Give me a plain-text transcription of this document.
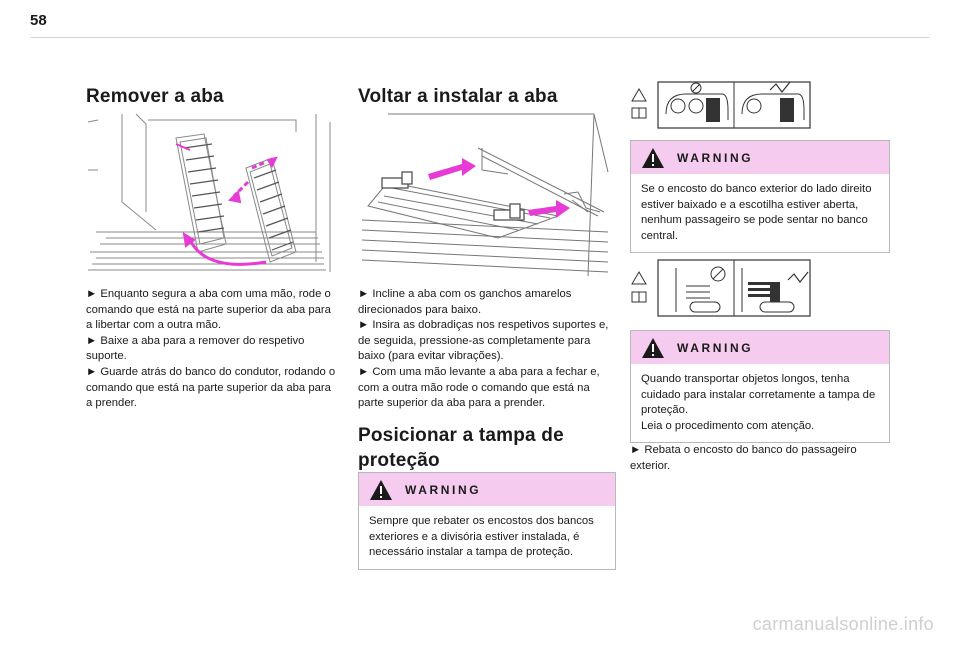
58
Remover a aba

► Enquanto segura a aba com uma mão, rode o comando que está na parte superior da aba para a libertar com a outra mão.

► Baixe a aba para a remover do respetivo suporte.

► Guarde atrás do banco do condutor, rodando o comando que está na parte superior da aba para a prender.

Voltar a instalar a aba

► Incline a aba com os ganchos amarelos direcionados para baixo.

► Insira as dobradiças nos respetivos suportes e, de seguida, pressione-as completamente para baixo (para evitar vibrações).

► Com uma mão levante a aba para a fechar e, com a outra mão rode o comando que está na parte superior da aba para a prender.

Posicionar a tampa de
proteção
WARNING

Sempre que rebater os encostos dos bancos exteriores e a divisória estiver instalada, é necessário instalar a tampa de proteção.

WARNING

Se o encosto do banco exterior do lado direito estiver baixado e a escotilha estiver aberta, nenhum passageiro se pode sentar no banco central.

WARNING

Quando transportar objetos longos, tenha cuidado para instalar corretamente a tampa de proteção.

Leia o procedimento com atenção.

► Rebata o encosto do banco do passageiro exterior.

carmanualsonline.info
